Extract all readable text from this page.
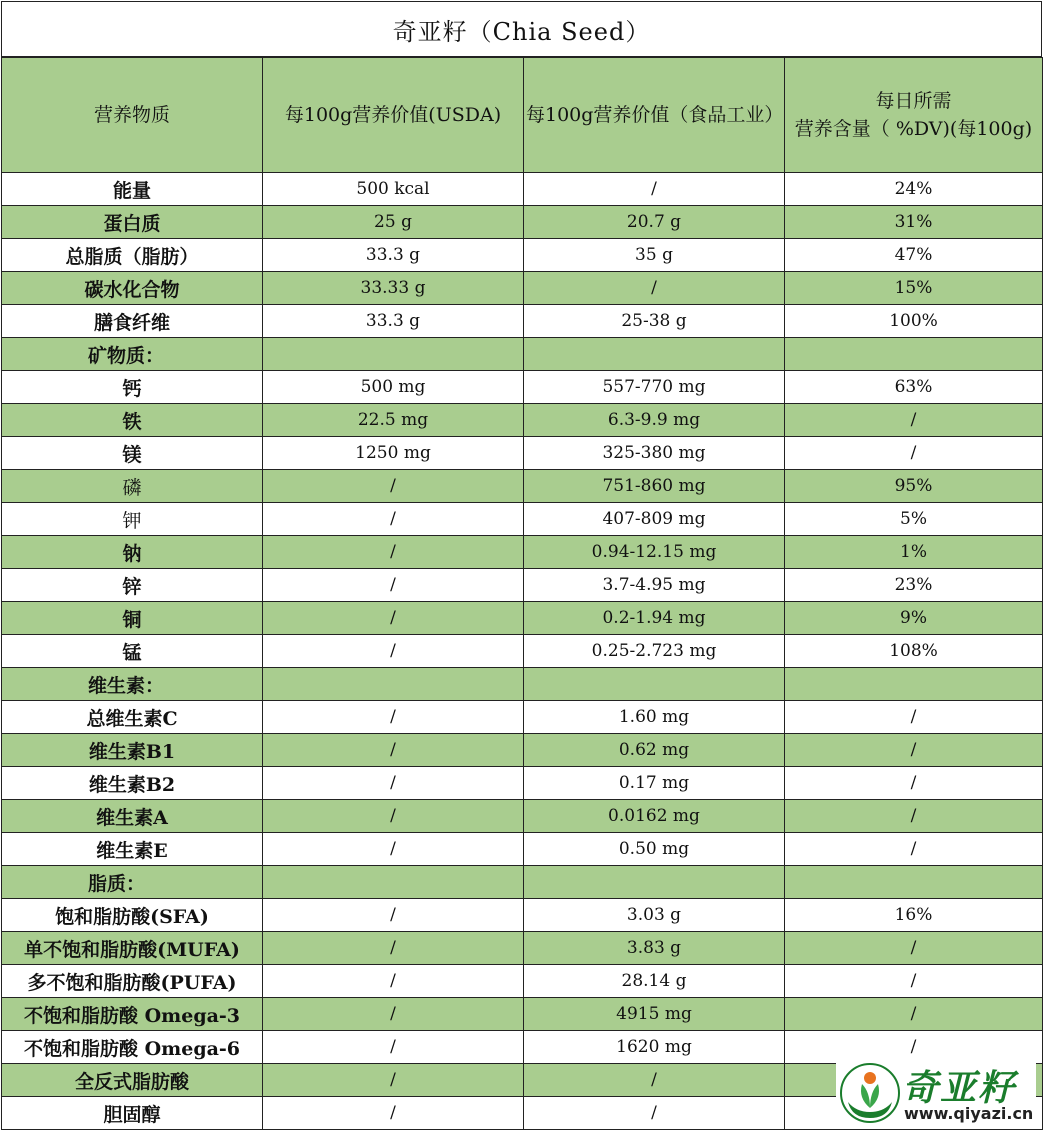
奇亚籽（Chia Seed）
营养物质	每100g营养价值(USDA)	每100g营养价值（食品工业）	每日所需
营养含量（ %DV)(每100g)
能量	500 kcal	/	24%
蛋白质	25 g	20.7 g	31%
总脂质（脂肪）	33.3 g	35 g	47%
碳水化合物	33.33 g	/	15%
膳食纤维	33.3 g	25-38 g	100%
矿物质：			
钙	500 mg	557-770 mg	63%
铁	22.5 mg	6.3-9.9 mg	/
镁	1250 mg	325-380 mg	/
磷	/	751-860 mg	95%
钾	/	407-809 mg	5%
钠	/	0.94-12.15 mg	1%
锌	/	3.7-4.95 mg	23%
铜	/	0.2-1.94 mg	9%
锰	/	0.25-2.723 mg	108%
维生素：			
总维生素C	/	1.60 mg	/
维生素B1	/	0.62 mg	/
维生素B2	/	0.17 mg	/
维生素A	/	0.0162 mg	/
维生素E	/	0.50 mg	/
脂质：			
饱和脂肪酸(SFA)	/	3.03 g	16%
单不饱和脂肪酸(MUFA)	/	3.83 g	/
多不饱和脂肪酸(PUFA)	/	28.14 g	/
不饱和脂肪酸 Omega-3	/	4915 mg	/
不饱和脂肪酸 Omega-6	/	1620 mg	/
全反式脂肪酸	/	/	
胆固醇	/	/	
奇亚籽
www.qiyazi.cn
